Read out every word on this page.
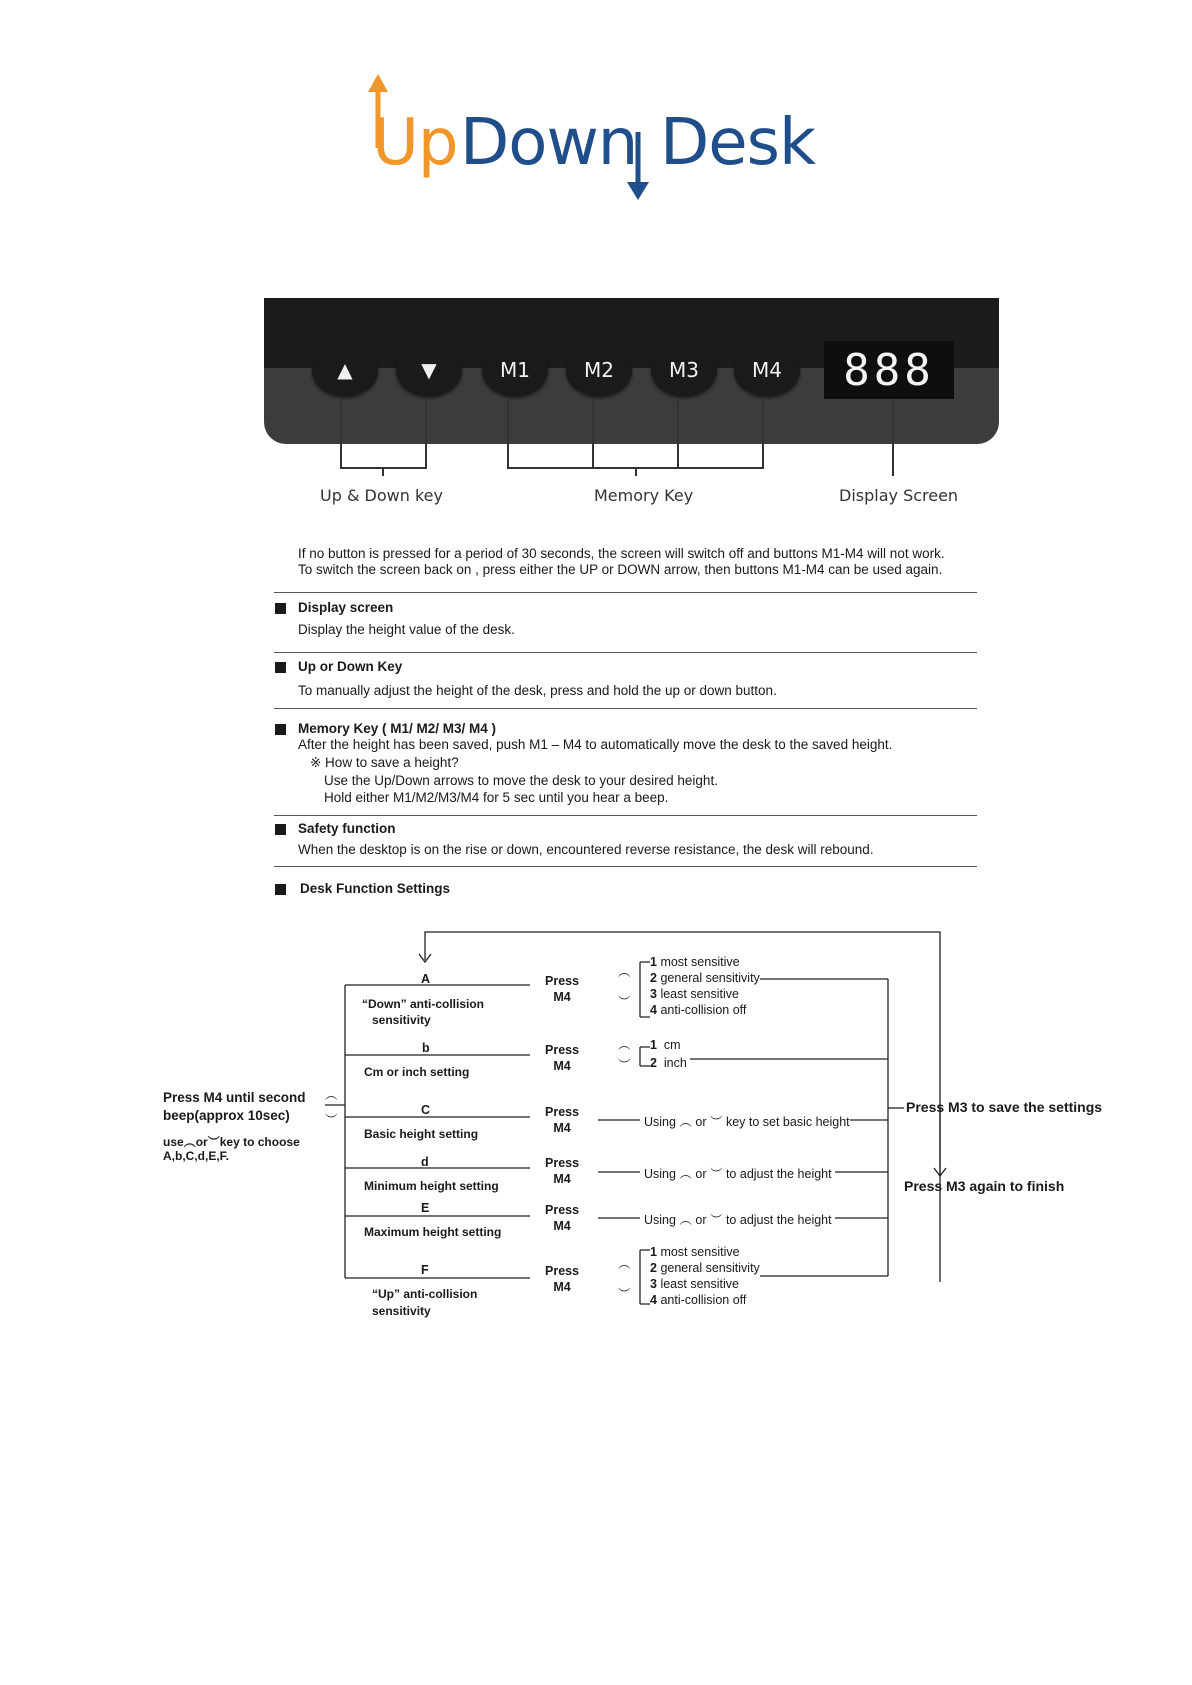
Up Down Desk
▲	▼	M1	M2	M3	M4	888
Up & Down key	Memory Key	Display Screen
If no button is pressed for a period of 30 seconds, the screen will switch off and buttons M1-M4 will not work.
To switch the screen back on , press either the UP or DOWN arrow, then buttons M1-M4 can be used again.
Display screen
Display the height value of the desk.
Up or Down Key
To manually adjust the height of the desk, press and hold the up or down button.
Memory Key ( M1/ M2/ M3/ M4 )
After the height has been saved, push M1 – M4 to automatically move the desk to the saved height.
※ How to save a height?
Use the Up/Down arrows to move the desk to your desired height.
Hold either M1/M2/M3/M4 for 5 sec until you hear a beep.
Safety function
When the desktop is on the rise or down, encountered reverse resistance, the desk will rebound.
Desk Function Settings
Press M4 until second
beep(approx 10sec)
use︵or︶key to choose
A,b,C,d,E,F.
︵
︶
A
“Down” anti-collision
sensitivity
b
Cm or inch setting
C
Basic height setting
d
Minimum height setting
E
Maximum height setting
F
“Up” anti-collision
sensitivity
Press
M4
Press
M4
Press
M4
Press
M4
Press
M4
Press
M4
︵
︶
1 most sensitive
2 general sensitivity
3 least sensitive
4 anti-collision off
︵
︶
1 cm
2 inch
Using ︵ or ︶ key to set basic height
Using ︵ or ︶ to adjust the height
Using ︵ or ︶ to adjust the height
︵
︶
1 most sensitive
2 general sensitivity
3 least sensitive
4 anti-collision off
Press M3 to save the settings
Press M3 again to finish
